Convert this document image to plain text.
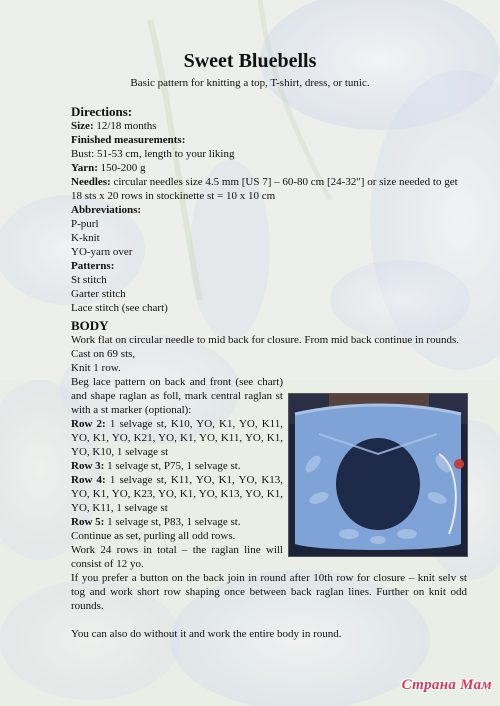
Sweet Bluebells
Basic pattern for knitting a top, T-shirt, dress, or tunic.

Directions:

Size: 12/18 months

Finished measurements:

Bust: 51-53 cm, length to your liking

Yarn: 150-200 g

Needles: circular needles size 4.5 mm [US 7] – 60-80 cm [24-32"] or size needed to get 18 sts x 20 rows in stockinette st = 10 x 10 cm

Abbreviations:

P-purl

K-knit

YO-yarn over

Patterns:

St stitch

Garter stitch

Lace stitch (see chart)

BODY

Work flat on circular needle to mid back for closure. From mid back continue in rounds.

Cast on 69 sts,

Knit 1 row.

Beg lace pattern on back and front (see chart) and shape raglan as foll, mark central raglan st with a st marker (optional):

Row 2: 1 selvage st, K10, YO, K1, YO, K11, YO, K1, YO, K21, YO, K1, YO, K11, YO, K1, YO, K10, 1 selvage st

Row 3: 1 selvage st, P75, 1 selvage st.

Row 4: 1 selvage st, K11, YO, K1, YO, K13, YO, K1, YO, K23, YO, K1, YO, K13, YO, K1, YO, K11, 1 selvage st

Row 5: 1 selvage st, P83, 1 selvage st.

Continue as set, purling all odd rows.

Work 24 rows in total – the raglan line will consist of 12 yo.

If you prefer a button on the back join in round after 10th row for closure – knit selv st tog and work short row shaping once between back raglan lines. Further on knit odd rounds.

You can also do without it and work the entire body in round.

Страна Мам
